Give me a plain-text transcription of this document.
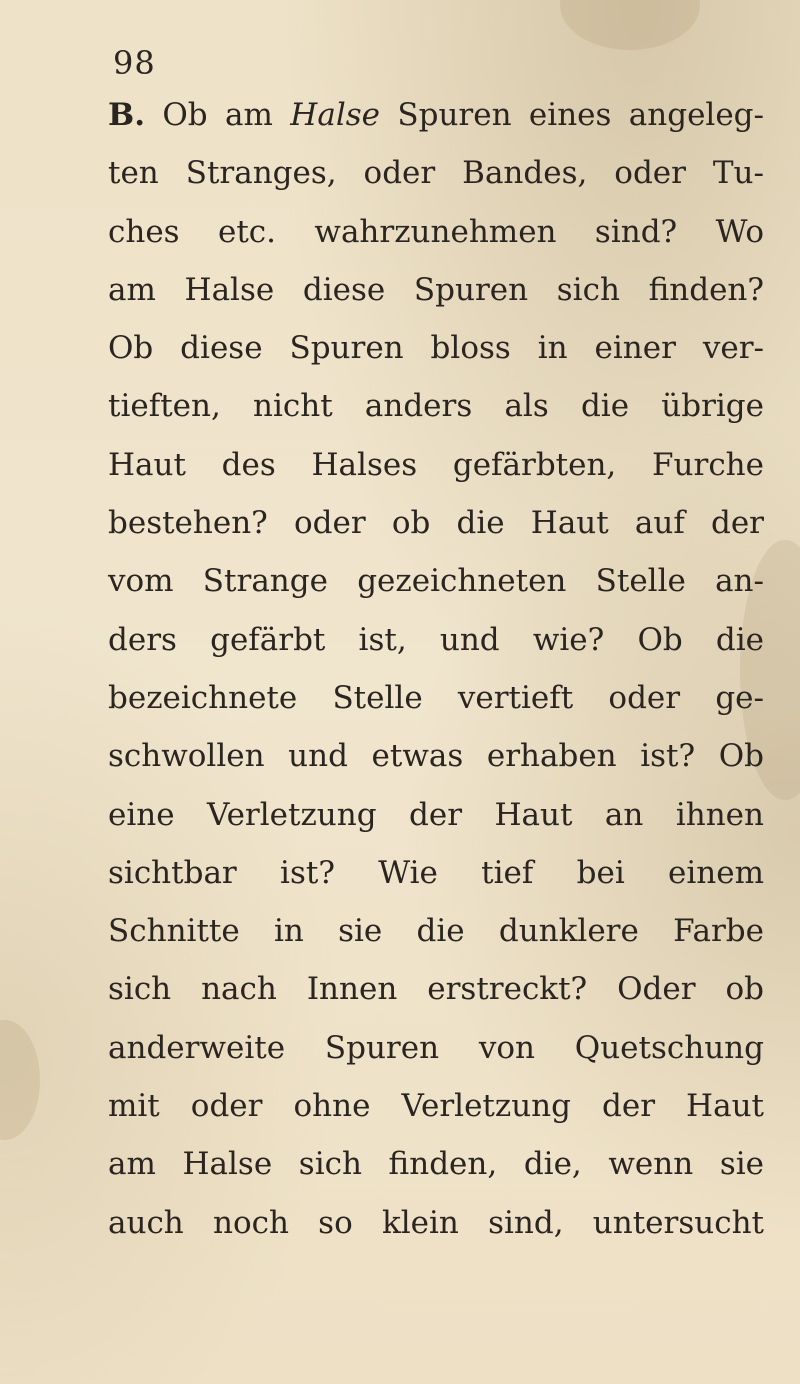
98
B. Ob am Halse Spuren eines angeleg-
ten Stranges, oder Bandes, oder Tu-
ches etc. wahrzunehmen sind? Wo
am Halse diese Spuren sich finden?
Ob diese Spuren bloss in einer ver-
tieften, nicht anders als die übrige
Haut des Halses gefärbten, Furche
bestehen? oder ob die Haut auf der
vom Strange gezeichneten Stelle an-
ders gefärbt ist, und wie? Ob die
bezeichnete Stelle vertieft oder ge-
schwollen und etwas erhaben ist? Ob
eine Verletzung der Haut an ihnen
sichtbar ist? Wie tief bei einem
Schnitte in sie die dunklere Farbe
sich nach Innen erstreckt? Oder ob
anderweite Spuren von Quetschung
mit oder ohne Verletzung der Haut
am Halse sich finden, die, wenn sie
auch noch so klein sind, untersucht
